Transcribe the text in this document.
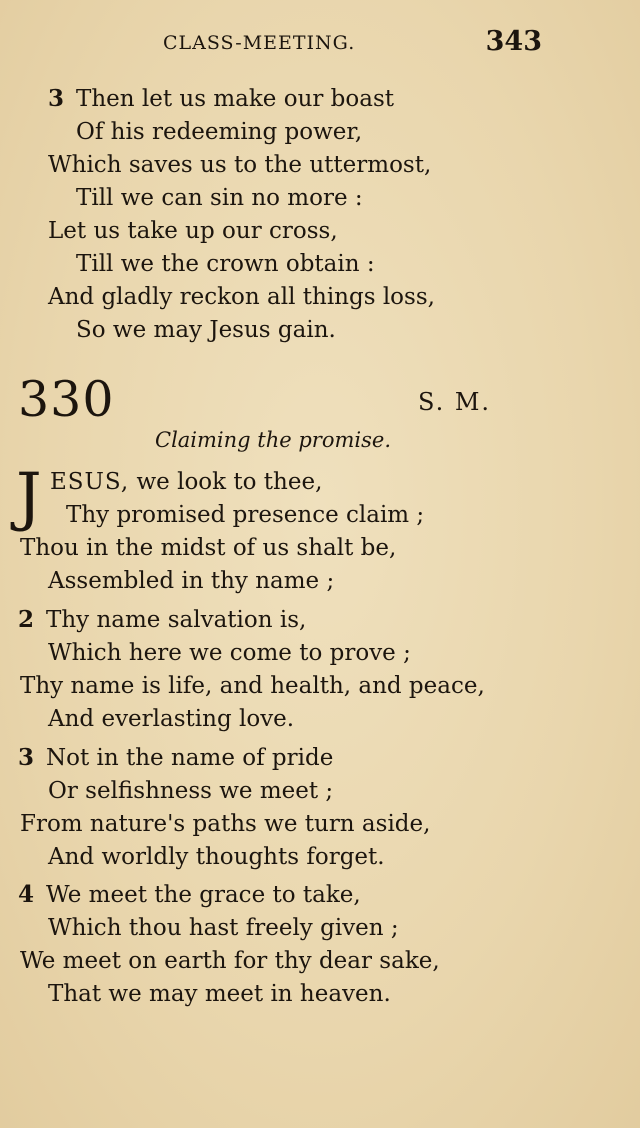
CLASS-MEETING.	343
3 Then let us make our boast
Of his redeeming power,
Which saves us to the uttermost,
Till we can sin no more :
Let us take up our cross,
Till we the crown obtain :
And gladly reckon all things loss,
So we may Jesus gain.
330	S. M.
Claiming the promise.
J ESUS, we look to thee,
Thy promised presence claim ;
Thou in the midst of us shalt be,
Assembled in thy name ;
2 Thy name salvation is,
Which here we come to prove ;
Thy name is life, and health, and peace,
And everlasting love.
3 Not in the name of pride
Or selfishness we meet ;
From nature's paths we turn aside,
And worldly thoughts forget.
4 We meet the grace to take,
Which thou hast freely given ;
We meet on earth for thy dear sake,
That we may meet in heaven.
